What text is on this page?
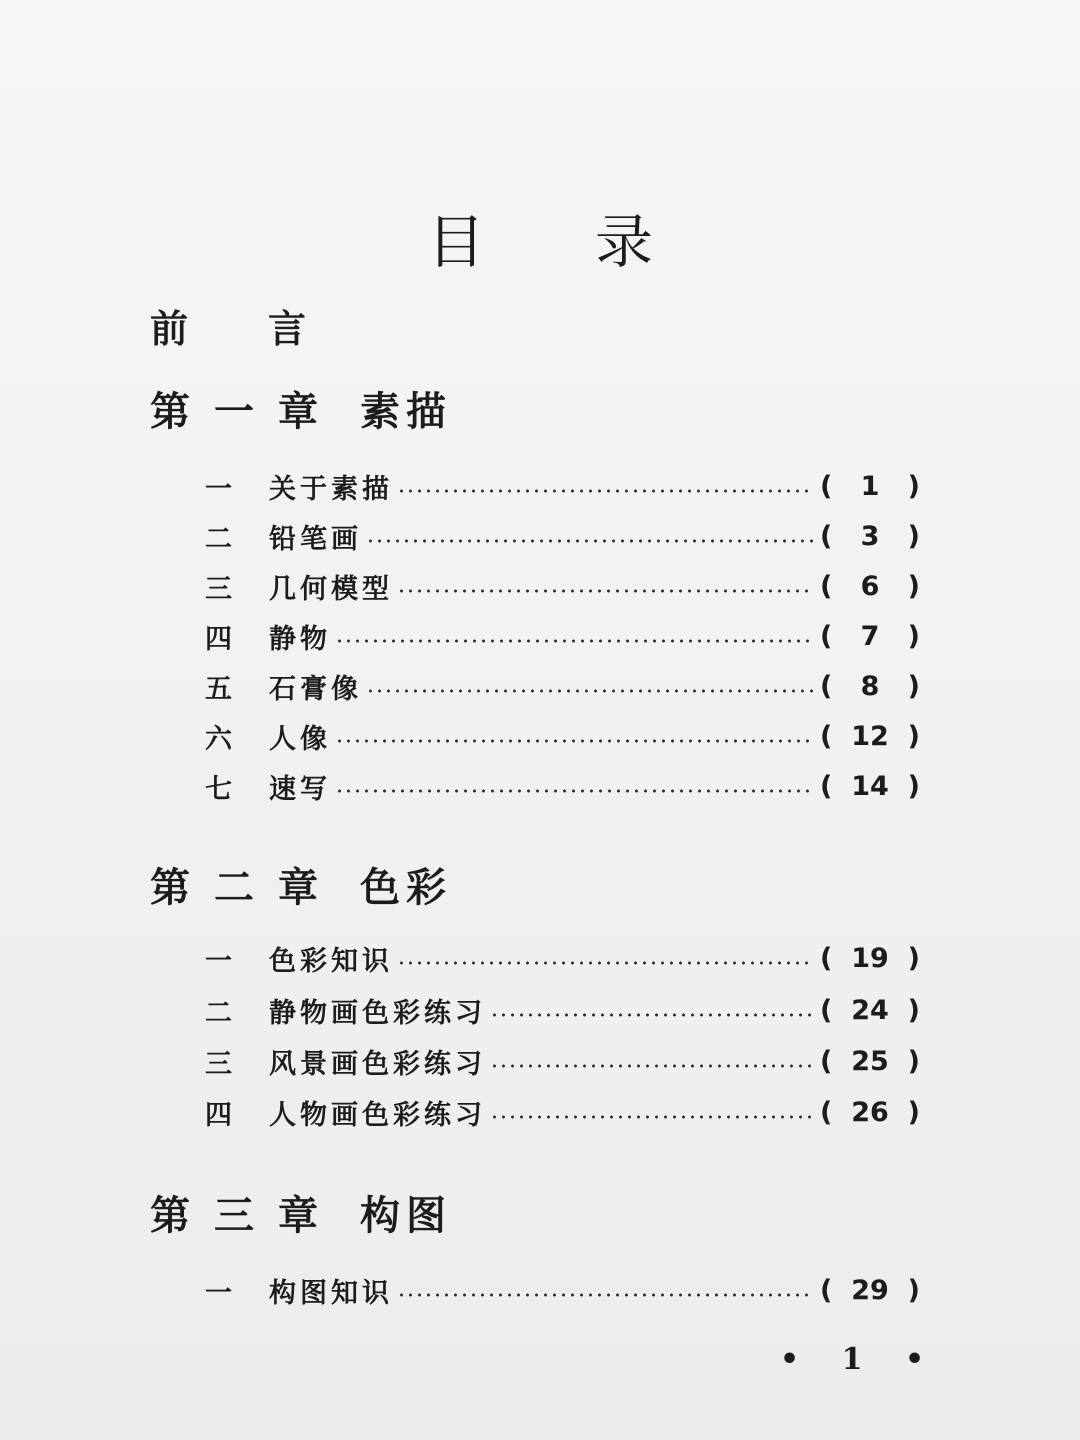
目录
前言
第一章 素描
一	关于素描	(	1	)
二	铅笔画	(	3	)
三	几何模型	(	6	)
四	静物	(	7	)
五	石膏像	(	8	)
六	人像	( 12 )
七	速写	( 14 )
第二章 色彩
一	色彩知识	( 19 )
二	静物画色彩练习	( 24 )
三	风景画色彩练习	( 25 )
四	人物画色彩练习	( 26 )
第三章 构图
一	构图知识	( 29 )
• 1 •
